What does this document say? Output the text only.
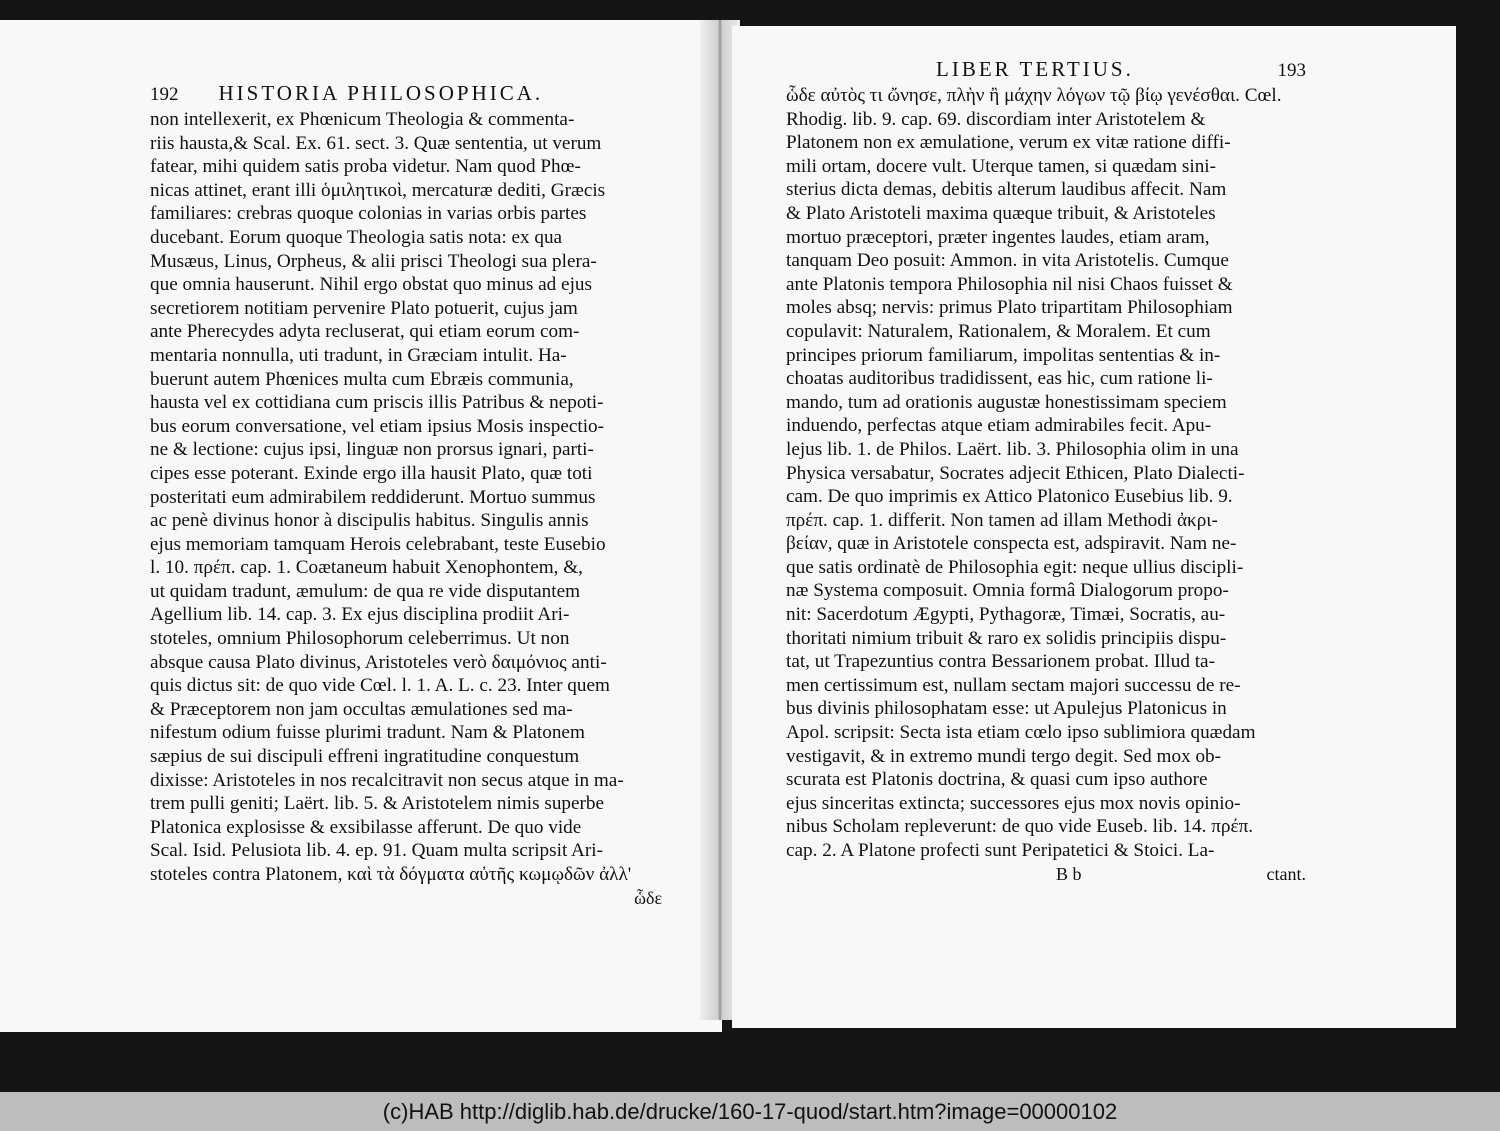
192 HISTORIA PHILOSOPHICA.
non intellexerit, ex Phœnicum Theologia & commenta-
riis hausta,& Scal. Ex. 61. sect. 3. Quæ sententia, ut verum
fatear, mihi quidem satis proba videtur. Nam quod Phœ-
nicas attinet, erant illi ὁμιλητικοὶ, mercaturæ dediti, Græcis
familiares: crebras quoque colonias in varias orbis partes
ducebant. Eorum quoque Theologia satis nota: ex qua
Musæus, Linus, Orpheus, & alii prisci Theologi sua plera-
que omnia hauserunt. Nihil ergo obstat quo minus ad ejus
secretiorem notitiam pervenire Plato potuerit, cujus jam
ante Pherecydes adyta recluserat, qui etiam eorum com-
mentaria nonnulla, uti tradunt, in Græciam intulit. Ha-
buerunt autem Phœnices multa cum Ebræis communia,
hausta vel ex cottidiana cum priscis illis Patribus & nepoti-
bus eorum conversatione, vel etiam ipsius Mosis inspectio-
ne & lectione: cujus ipsi, linguæ non prorsus ignari, parti-
cipes esse poterant. Exinde ergo illa hausit Plato, quæ toti
posteritati eum admirabilem reddiderunt. Mortuo summus
ac penè divinus honor à discipulis habitus. Singulis annis
ejus memoriam tamquam Herois celebrabant, teste Eusebio
l. 10. πρέπ. cap. 1. Coætaneum habuit Xenophontem, &,
ut quidam tradunt, æmulum: de qua re vide disputantem
Agellium lib. 14. cap. 3. Ex ejus disciplina prodiit Ari-
stoteles, omnium Philosophorum celeberrimus. Ut non
absque causa Plato divinus, Aristoteles verò δαιμόνιος anti-
quis dictus sit: de quo vide Cœl. l. 1. A. L. c. 23. Inter quem
& Præceptorem non jam occultas æmulationes sed ma-
nifestum odium fuisse plurimi tradunt. Nam & Platonem
sæpius de sui discipuli effreni ingratitudine conquestum
dixisse: Aristoteles in nos recalcitravit non secus atque in ma-
trem pulli geniti; Laërt. lib. 5. & Aristotelem nimis superbe
Platonica explosisse & exsibilasse afferunt. De quo vide
Scal. Isid. Pelusiota lib. 4. ep. 91. Quam multa scripsit Ari-
stoteles contra Platonem, καὶ τὰ δόγματα αὐτῆς κωμῳδῶν ἀλλ'
ὧδε
LIBER TERTIUS.	193
ὧδε αὐτὸς τι ὤνησε, πλὴν ἢ μάχην λόγων τῷ βίῳ γενέσθαι. Cœl.
Rhodig. lib. 9. cap. 69. discordiam inter Aristotelem &
Platonem non ex æmulatione, verum ex vitæ ratione diffi-
mili ortam, docere vult. Uterque tamen, si quædam sini-
sterius dicta demas, debitis alterum laudibus affecit. Nam
& Plato Aristoteli maxima quæque tribuit, & Aristoteles
mortuo præceptori, præter ingentes laudes, etiam aram,
tanquam Deo posuit: Ammon. in vita Aristotelis. Cumque
ante Platonis tempora Philosophia nil nisi Chaos fuisset &
moles absq; nervis: primus Plato tripartitam Philosophiam
copulavit: Naturalem, Rationalem, & Moralem. Et cum
principes priorum familiarum, impolitas sententias & in-
choatas auditoribus tradidissent, eas hic, cum ratione li-
mando, tum ad orationis augustæ honestissimam speciem
induendo, perfectas atque etiam admirabiles fecit. Apu-
lejus lib. 1. de Philos. Laërt. lib. 3. Philosophia olim in una
Physica versabatur, Socrates adjecit Ethicen, Plato Dialecti-
cam. De quo imprimis ex Attico Platonico Eusebius lib. 9.
πρέπ. cap. 1. differit. Non tamen ad illam Methodi ἀκρι-
βείαν, quæ in Aristotele conspecta est, adspiravit. Nam ne-
que satis ordinatè de Philosophia egit: neque ullius discipli-
næ Systema composuit. Omnia formâ Dialogorum propo-
nit: Sacerdotum Ægypti, Pythagoræ, Timæi, Socratis, au-
thoritati nimium tribuit & raro ex solidis principiis dispu-
tat, ut Trapezuntius contra Bessarionem probat. Illud ta-
men certissimum est, nullam sectam majori successu de re-
bus divinis philosophatam esse: ut Apulejus Platonicus in
Apol. scripsit: Secta ista etiam cœlo ipso sublimiora quædam
vestigavit, & in extremo mundi tergo degit. Sed mox ob-
scurata est Platonis doctrina, & quasi cum ipso authore
ejus sinceritas extincta; successores ejus mox novis opinio-
nibus Scholam repleverunt: de quo vide Euseb. lib. 14. πρέπ.
cap. 2. A Platone profecti sunt Peripatetici & Stoici. La-
B b	ctant.
(c)HAB http://diglib.hab.de/drucke/160-17-quod/start.htm?image=00000102
